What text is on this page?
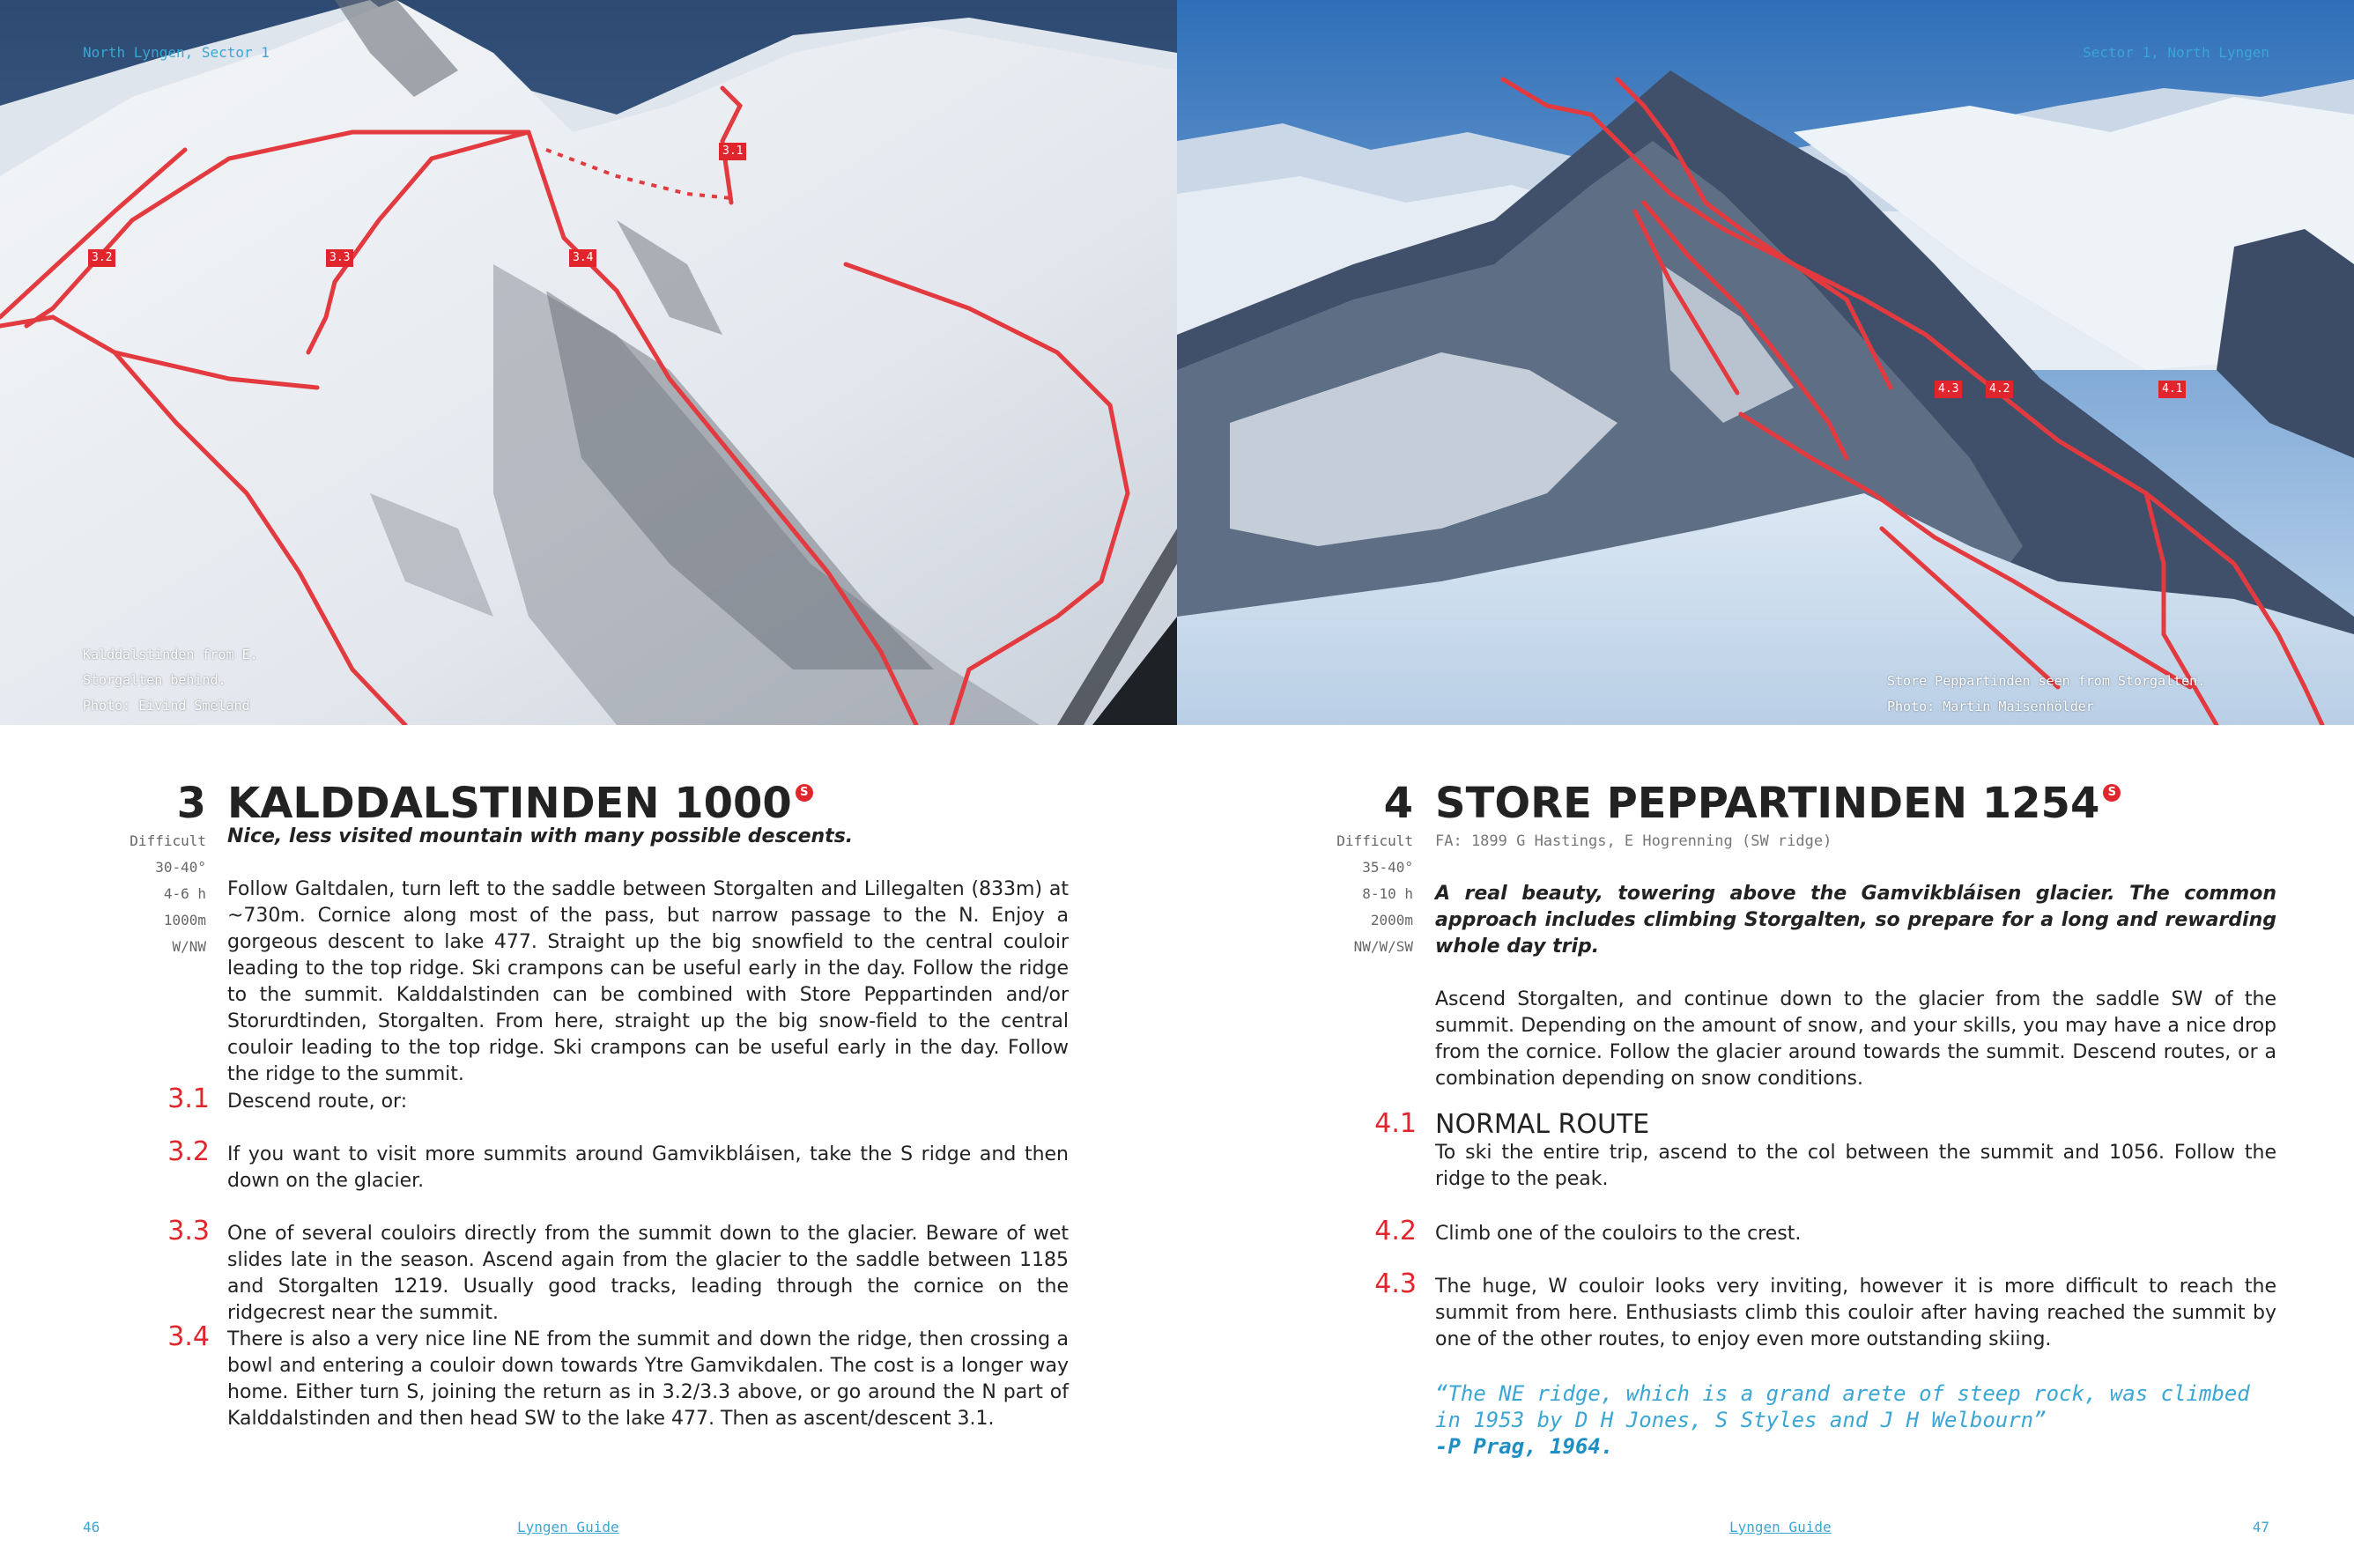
3.1
3.2	3.3	3.4
Kalddalstinden from E.
Storgalten behind.
Photo: Eivind Smeland
4.3	4.2	4.1
Store Peppartinden seen from Storgalten.
Photo: Martin Maisenhölder
North Lyngen, Sector 1	Sector 1, North Lyngen
3 KALDDALSTINDEN 1000 S
Difficult
30-40°
4-6 h
1000m
W/NW

Nice, less visited mountain with many possible descents.

Follow Galtdalen, turn left to the saddle between Storgalten and Lillegalten (833m) at ~730m. Cornice along most of the pass, but narrow passage to the N. Enjoy a gorgeous descent to lake 477. Straight up the big snowfield to the central couloir leading to the top ridge. Ski crampons can be useful early in the day. Follow the ridge to the summit. Kalddalstinden can be combined with Store Peppartinden and/or Storurdtinden, Storgalten. From here, straight up the big snow-field to the central couloir leading to the top ridge. Ski crampons can be useful early in the day. Follow the ridge to the summit.

3.1 Descend route, or:
3.2 If you want to visit more summits around Gamvikbláisen, take the S ridge and then down on the glacier.
3.3 One of several couloirs directly from the summit down to the glacier. Beware of wet slides late in the season. Ascend again from the glacier to the saddle between 1185 and Storgalten 1219. Usually good tracks, leading through the cornice on the ridgecrest near the summit.
3.4 There is also a very nice line NE from the summit and down the ridge, then crossing a bowl and entering a couloir down towards Ytre Gamvikdalen. The cost is a longer way home. Either turn S, joining the return as in 3.2/3.3 above, or go around the N part of Kalddalstinden and then head SW to the lake 477. Then as ascent/descent 3.1.
4 STORE PEPPARTINDEN 1254 S
Difficult
35-40°
8-10 h
2000m
NW/W/SW

FA: 1899 G Hastings, E Hogrenning (SW ridge)

A real beauty, towering above the Gamvikbláisen glacier. The common approach includes climbing Storgalten, so prepare for a long and rewarding whole day trip.

Ascend Storgalten, and continue down to the glacier from the saddle SW of the summit. Depending on the amount of snow, and your skills, you may have a nice drop from the cornice. Follow the glacier around towards the summit. Descend routes, or a combination depending on snow conditions.

4.1 NORMAL ROUTE
To ski the entire trip, ascend to the col between the summit and 1056. Follow the ridge to the peak.
4.2 Climb one of the couloirs to the crest.
4.3 The huge, W couloir looks very inviting, however it is more difficult to reach the summit from here. Enthusiasts climb this couloir after having reached the summit by one of the other routes, to enjoy even more outstanding skiing.
“The NE ridge, which is a grand arete of steep rock, was climbed in 1953 by D H Jones, S Styles and J H Welbourn”
-P Prag, 1964.
46	Lyngen Guide	Lyngen Guide	47
